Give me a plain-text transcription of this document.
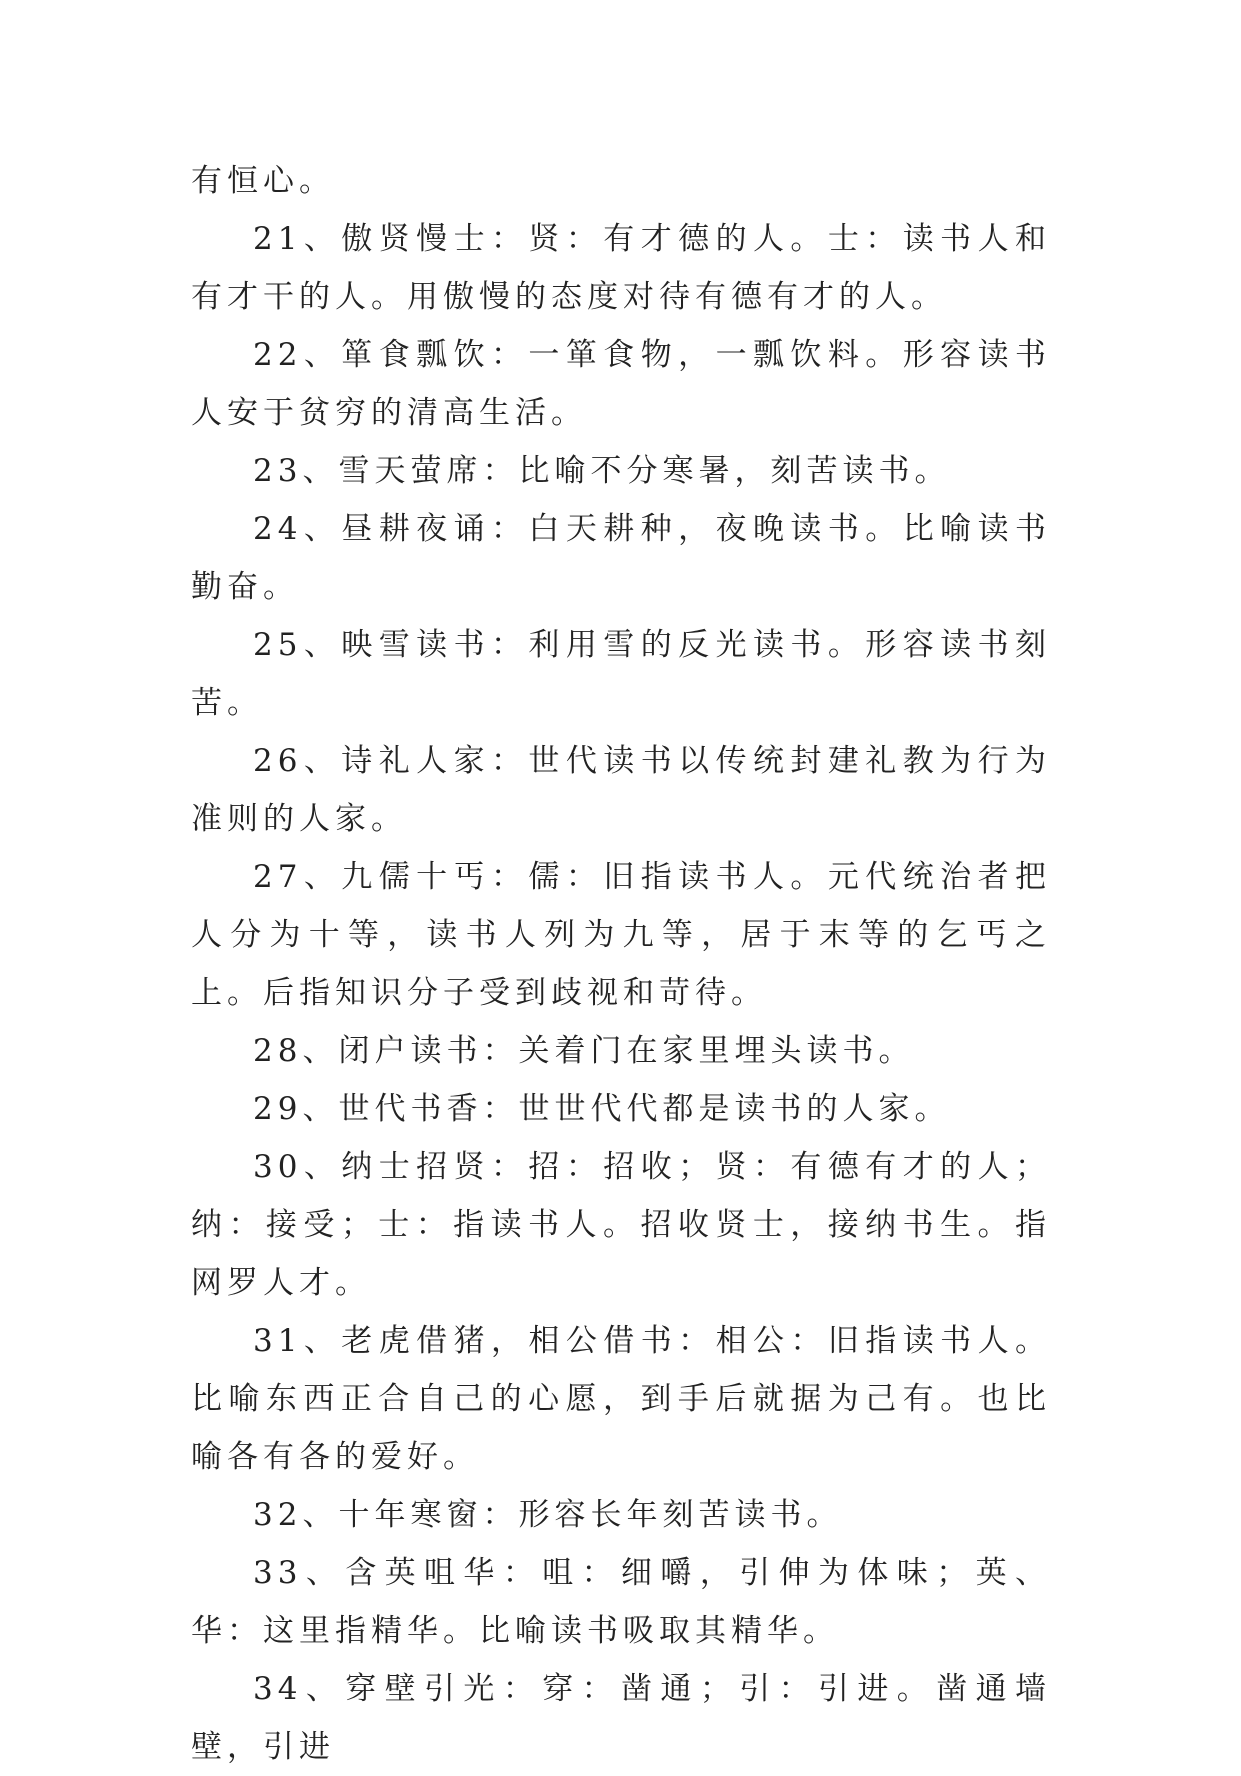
有恒心。

21、傲贤慢士：贤：有才德的人。士：读书人和有才干的人。用傲慢的态度对待有德有才的人。

22、箪食瓢饮：一箪食物，一瓢饮料。形容读书人安于贫穷的清高生活。

23、雪天萤席：比喻不分寒暑，刻苦读书。

24、昼耕夜诵：白天耕种，夜晚读书。比喻读书勤奋。

25、映雪读书：利用雪的反光读书。形容读书刻苦。

26、诗礼人家：世代读书以传统封建礼教为行为准则的人家。

27、九儒十丐：儒：旧指读书人。元代统治者把人分为十等，读书人列为九等，居于末等的乞丐之上。后指知识分子受到歧视和苛待。

28、闭户读书：关着门在家里埋头读书。

29、世代书香：世世代代都是读书的人家。

30、纳士招贤：招：招收；贤：有德有才的人；纳：接受；士：指读书人。招收贤士，接纳书生。指网罗人才。

31、老虎借猪，相公借书：相公：旧指读书人。比喻东西正合自己的心愿，到手后就据为己有。也比喻各有各的爱好。

32、十年寒窗：形容长年刻苦读书。

33、含英咀华：咀：细嚼，引伸为体味；英、华：这里指精华。比喻读书吸取其精华。

34、穿壁引光：穿：凿通；引：引进。凿通墙壁，引进
